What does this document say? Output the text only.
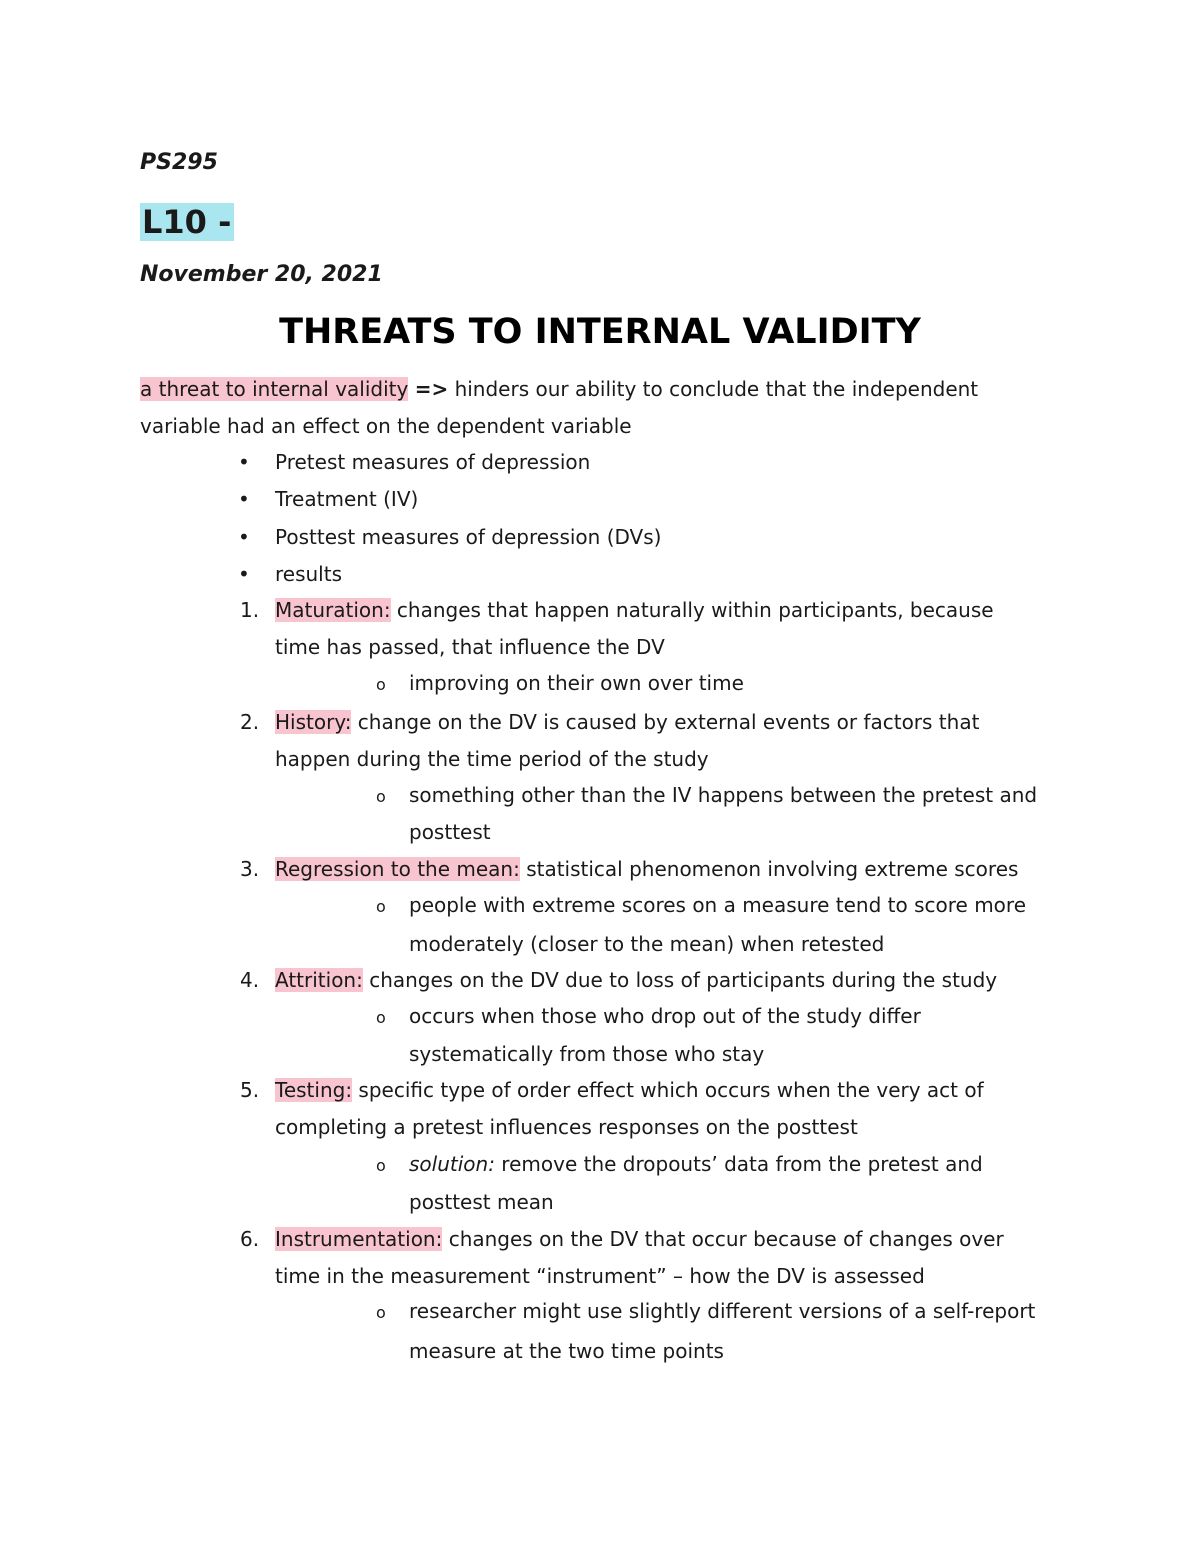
PS295

L10 -

November 20, 2021

THREATS TO INTERNAL VALIDITY
a threat to internal validity => hinders our ability to conclude that the independent
variable had an effect on the dependent variable
• Pretest measures of depression
• Treatment (IV)
• Posttest measures of depression (DVs)
• results
1. Maturation: changes that happen naturally within participants, because
time has passed, that influence the DV
o improving on their own over time
2. History: change on the DV is caused by external events or factors that
happen during the time period of the study
o something other than the IV happens between the pretest and
posttest
3. Regression to the mean: statistical phenomenon involving extreme scores
o people with extreme scores on a measure tend to score more
moderately (closer to the mean) when retested
4. Attrition: changes on the DV due to loss of participants during the study
o occurs when those who drop out of the study differ
systematically from those who stay
5. Testing: specific type of order effect which occurs when the very act of
completing a pretest influences responses on the posttest
o solution: remove the dropouts’ data from the pretest and
posttest mean
6. Instrumentation: changes on the DV that occur because of changes over
time in the measurement “instrument” – how the DV is assessed
o researcher might use slightly different versions of a self-report
measure at the two time points
